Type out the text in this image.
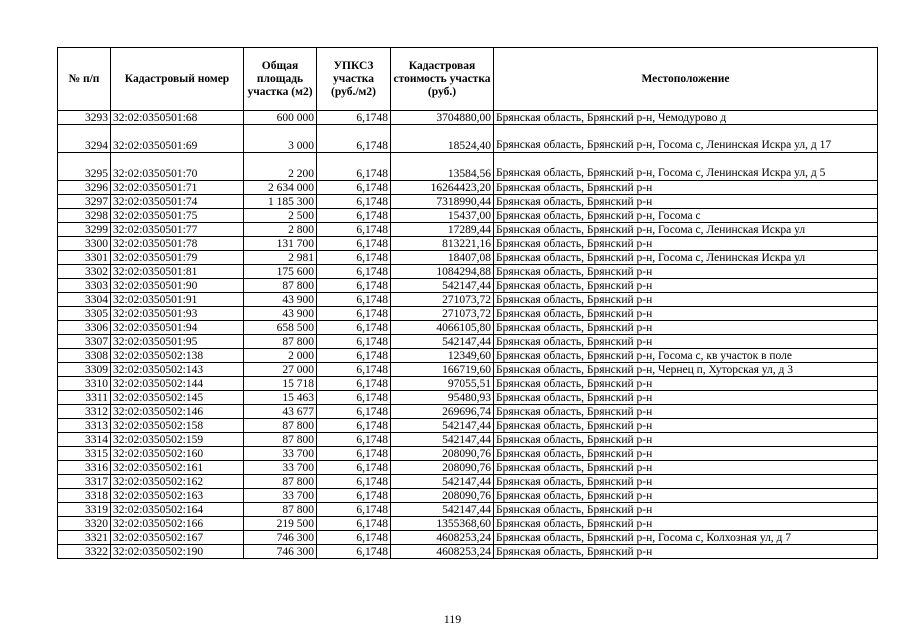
№ п/п	Кадастровый номер	Общая площадь участка (м2)	УПКСЗ участка (руб./м2)	Кадастровая стоимость участка (руб.)	Местоположение
3293	32:02:0350501:68	600 000	6,1748	3704880,00	Брянская область, Брянский р-н, Чемодурово д
3294	32:02:0350501:69	3 000	6,1748	18524,40	Брянская область, Брянский р-н, Госома с, Ленинская Искра ул, д 17
3295	32:02:0350501:70	2 200	6,1748	13584,56	Брянская область, Брянский р-н, Госома с, Ленинская Искра ул, д 5
3296	32:02:0350501:71	2 634 000	6,1748	16264423,20	Брянская область, Брянский р-н
3297	32:02:0350501:74	1 185 300	6,1748	7318990,44	Брянская область, Брянский р-н
3298	32:02:0350501:75	2 500	6,1748	15437,00	Брянская область, Брянский р-н, Госома с
3299	32:02:0350501:77	2 800	6,1748	17289,44	Брянская область, Брянский р-н, Госома с, Ленинская Искра ул
3300	32:02:0350501:78	131 700	6,1748	813221,16	Брянская область, Брянский р-н
3301	32:02:0350501:79	2 981	6,1748	18407,08	Брянская область, Брянский р-н, Госома с, Ленинская Искра ул
3302	32:02:0350501:81	175 600	6,1748	1084294,88	Брянская область, Брянский р-н
3303	32:02:0350501:90	87 800	6,1748	542147,44	Брянская область, Брянский р-н
3304	32:02:0350501:91	43 900	6,1748	271073,72	Брянская область, Брянский р-н
3305	32:02:0350501:93	43 900	6,1748	271073,72	Брянская область, Брянский р-н
3306	32:02:0350501:94	658 500	6,1748	4066105,80	Брянская область, Брянский р-н
3307	32:02:0350501:95	87 800	6,1748	542147,44	Брянская область, Брянский р-н
3308	32:02:0350502:138	2 000	6,1748	12349,60	Брянская область, Брянский р-н, Госома с, кв участок в поле
3309	32:02:0350502:143	27 000	6,1748	166719,60	Брянская область, Брянский р-н, Чернец п, Хуторская ул, д 3
3310	32:02:0350502:144	15 718	6,1748	97055,51	Брянская область, Брянский р-н
3311	32:02:0350502:145	15 463	6,1748	95480,93	Брянская область, Брянский р-н
3312	32:02:0350502:146	43 677	6,1748	269696,74	Брянская область, Брянский р-н
3313	32:02:0350502:158	87 800	6,1748	542147,44	Брянская область, Брянский р-н
3314	32:02:0350502:159	87 800	6,1748	542147,44	Брянская область, Брянский р-н
3315	32:02:0350502:160	33 700	6,1748	208090,76	Брянская область, Брянский р-н
3316	32:02:0350502:161	33 700	6,1748	208090,76	Брянская область, Брянский р-н
3317	32:02:0350502:162	87 800	6,1748	542147,44	Брянская область, Брянский р-н
3318	32:02:0350502:163	33 700	6,1748	208090,76	Брянская область, Брянский р-н
3319	32:02:0350502:164	87 800	6,1748	542147,44	Брянская область, Брянский р-н
3320	32:02:0350502:166	219 500	6,1748	1355368,60	Брянская область, Брянский р-н
3321	32:02:0350502:167	746 300	6,1748	4608253,24	Брянская область, Брянский р-н, Госома с, Колхозная ул, д 7
3322	32:02:0350502:190	746 300	6,1748	4608253,24	Брянская область, Брянский р-н
119
